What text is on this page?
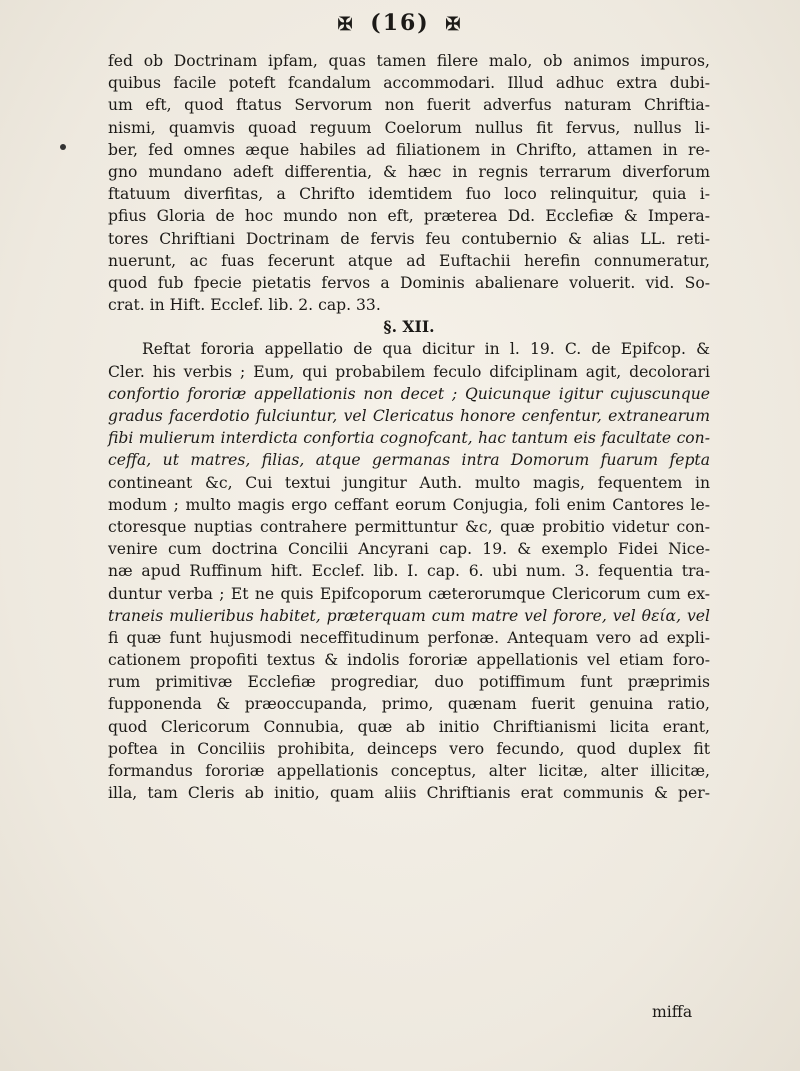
✠ (16) ✠
fed ob Doctrinam ipfam, quas tamen filere malo, ob animos impuros,
quibus facile poteft fcandalum accommodari. Illud adhuc extra dubi-
um eft, quod ftatus Servorum non fuerit adverfus naturam Chriftia-
nismi, quamvis quoad reguum Coelorum nullus fit fervus, nullus li-
ber, fed omnes æque habiles ad filiationem in Chrifto, attamen in re-
gno mundano adeft differentia, & hæc in regnis terrarum diverforum
ftatuum diverfitas, a Chrifto idemtidem fuo loco relinquitur, quia i-
pfius Gloria de hoc mundo non eft, præterea Dd. Ecclefiæ & Impera-
tores Chriftiani Doctrinam de fervis feu contubernio & alias LL. reti-
nuerunt, ac fuas fecerunt atque ad Euftachii herefin connumeratur,
quod fub fpecie pietatis fervos a Dominis abalienare voluerit. vid. So-
crat. in Hift. Ecclef. lib. 2. cap. 33.
§. XII.
Reftat fororia appellatio de qua dicitur in l. 19. C. de Epifcop. &
Cler. his verbis ; Eum, qui probabilem feculo difciplinam agit, decolorari
confortio fororiæ appellationis non decet ; Quicunque igitur cujuscunque
gradus facerdotio fulciuntur, vel Clericatus honore cenfentur, extranearum
fibi mulierum interdicta confortia cognofcant, hac tantum eis facultate con-
ceffa, ut matres, filias, atque germanas intra Domorum fuarum fepta
contineant &c, Cui textui jungitur Auth. multo magis, fequentem in
modum ; multo magis ergo ceffant eorum Conjugia, foli enim Cantores le-
ctoresque nuptias contrahere permittuntur &c, quæ probitio videtur con-
venire cum doctrina Concilii Ancyrani cap. 19. & exemplo Fidei Nice-
næ apud Ruffinum hift. Ecclef. lib. I. cap. 6. ubi num. 3. fequentia tra-
duntur verba ; Et ne quis Epifcoporum cæterorumque Clericorum cum ex-
traneis mulieribus habitet, præterquam cum matre vel forore, vel θεία, vel
fi quæ funt hujusmodi neceffitudinum perfonæ. Antequam vero ad expli-
cationem propofiti textus & indolis fororiæ appellationis vel etiam foro-
rum primitivæ Ecclefiæ progrediar, duo potiffimum funt præprimis
fupponenda & præoccupanda, primo, quænam fuerit genuina ratio,
quod Clericorum Connubia, quæ ab initio Chriftianismi licita erant,
poftea in Conciliis prohibita, deinceps vero fecundo, quod duplex fit
formandus fororiæ appellationis conceptus, alter licitæ, alter illicitæ,
illa, tam Cleris ab initio, quam aliis Chriftianis erat communis & per-
miffa
